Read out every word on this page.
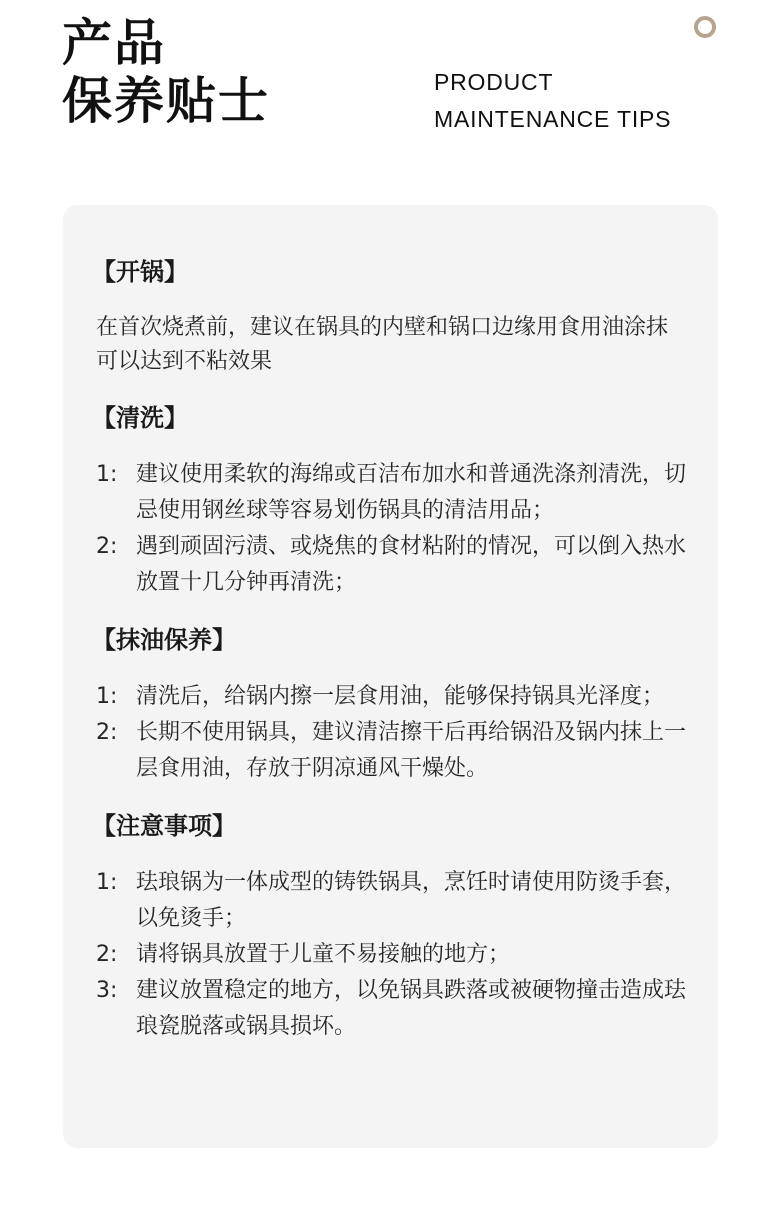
产品
保养贴士	PRODUCT
MAINTENANCE TIPS
【开锅】
在首次烧煮前，建议在锅具的内壁和锅口边缘用食用油涂抹可以达到不粘效果
【清洗】
1: 建议使用柔软的海绵或百洁布加水和普通洗涤剂清洗，切忌使用钢丝球等容易划伤锅具的清洁用品；
2: 遇到顽固污渍、或烧焦的食材粘附的情况，可以倒入热水放置十几分钟再清洗；
【抹油保养】
1: 清洗后，给锅内擦一层食用油，能够保持锅具光泽度；
2: 长期不使用锅具，建议清洁擦干后再给锅沿及锅内抹上一层食用油，存放于阴凉通风干燥处。
【注意事项】
1: 珐琅锅为一体成型的铸铁锅具，烹饪时请使用防烫手套，以免烫手；
2: 请将锅具放置于儿童不易接触的地方；
3: 建议放置稳定的地方，以免锅具跌落或被硬物撞击造成珐琅瓷脱落或锅具损坏。
